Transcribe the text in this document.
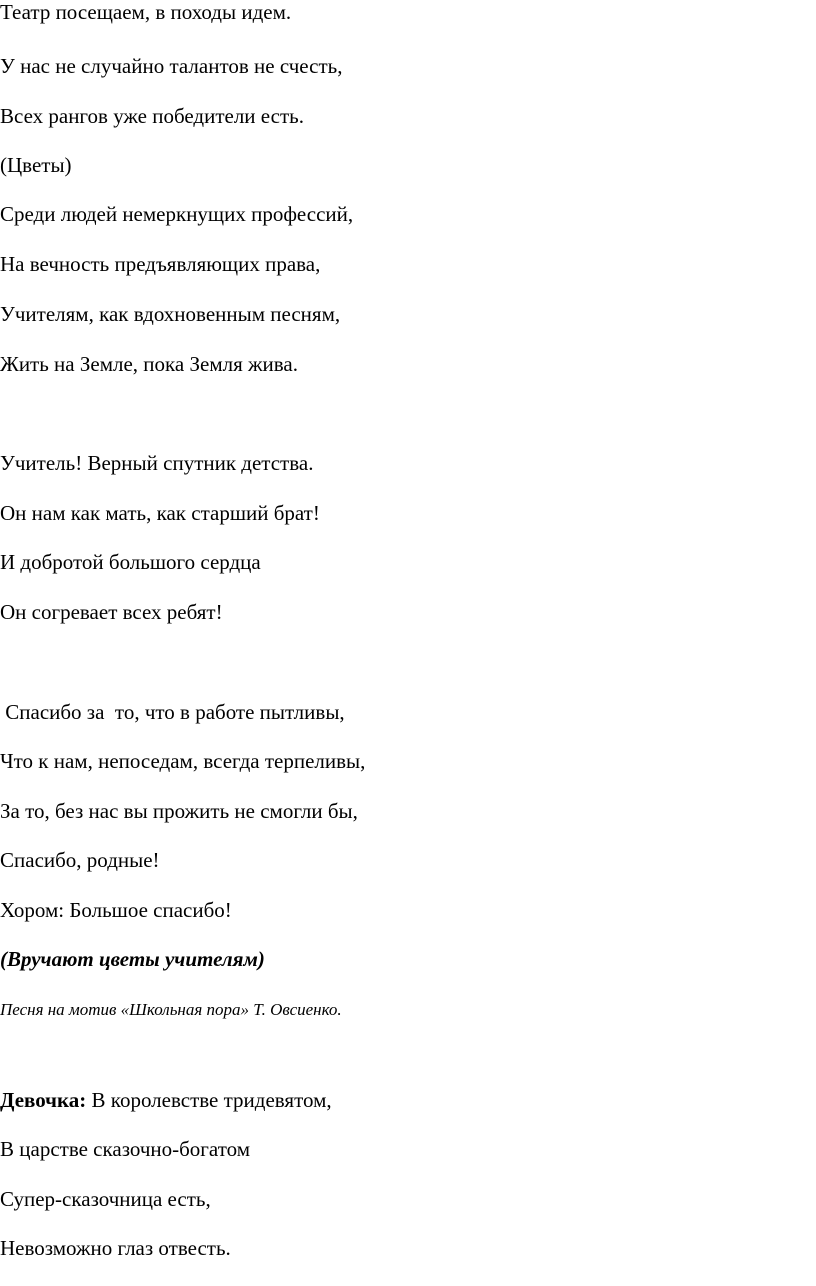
Театр посещаем, в походы идем.
У нас не случайно талантов не счесть,
Всех рангов уже победители есть.
(Цветы)
Среди людей немеркнущих профессий,
На вечность предъявляющих права,
Учителям, как вдохновенным песням,
Жить на Земле, пока Земля жива.
Учитель! Верный спутник детства.
Он нам как мать, как старший брат!
И добротой большого сердца
Он согревает всех ребят!
Спасибо за  то, что в работе пытливы,
Что к нам, непоседам, всегда терпеливы,
За то, без нас вы прожить не смогли бы,
Спасибо, родные!
Хором: Большое спасибо!
(Вручают цветы учителям)
Песня на мотив «Школьная пора» Т. Овсиенко.
Девочка: В королевстве тридевятом,
В царстве сказочно-богатом
Супер-сказочница есть,
Невозможно глаз отвесть.
